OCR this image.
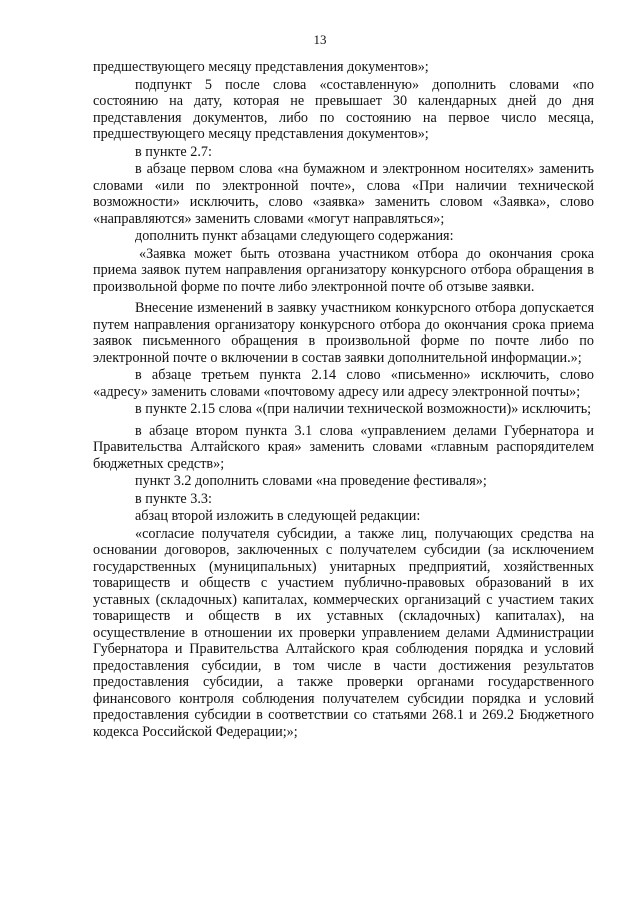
13
предшествующего месяцу представления документов»;
подпункт 5 после слова «составленную» дополнить словами «по состоянию на дату, которая не превышает 30 календарных дней до дня представления документов, либо по состоянию на первое число месяца, предшествующего месяцу представления документов»;
в пункте 2.7:
в абзаце первом слова «на бумажном и электронном носителях» заменить словами «или по электронной почте», слова «При наличии технической возможности» исключить, слово «заявка» заменить словом «Заявка», слово «направляются» заменить словами «могут направляться»;
дополнить пункт абзацами следующего содержания:
«Заявка может быть отозвана участником отбора до окончания срока приема заявок путем направления организатору конкурсного отбора обращения в произвольной форме по почте либо электронной почте об отзыве заявки.
Внесение изменений в заявку участником конкурсного отбора допускается путем направления организатору конкурсного отбора до окончания срока приема заявок письменного обращения в произвольной форме по почте либо по электронной почте о включении в состав заявки дополнительной информации.»;
в абзаце третьем пункта 2.14 слово «письменно» исключить, слово «адресу» заменить словами «почтовому адресу или адресу электронной почты»;
в пункте 2.15 слова «(при наличии технической возможности)» исключить;
в абзаце втором пункта 3.1 слова «управлением делами Губернатора и Правительства Алтайского края» заменить словами «главным распорядителем бюджетных средств»;
пункт 3.2 дополнить словами «на проведение фестиваля»;
в пункте 3.3:
абзац второй изложить в следующей редакции:
«согласие получателя субсидии, а также лиц, получающих средства на основании договоров, заключенных с получателем субсидии (за исключением государственных (муниципальных) унитарных предприятий, хозяйственных товариществ и обществ с участием публично-правовых образований в их уставных (складочных) капиталах, коммерческих организаций с участием таких товариществ и обществ в их уставных (складочных) капиталах), на осуществление в отношении их проверки управлением делами Администрации Губернатора и Правительства Алтайского края соблюдения порядка и условий предоставления субсидии, в том числе в части достижения результатов предоставления субсидии, а также проверки органами государственного финансового контроля соблюдения получателем субсидии порядка и условий предоставления субсидии в соответствии со статьями 268.1 и 269.2 Бюджетного кодекса Российской Федерации;»;
